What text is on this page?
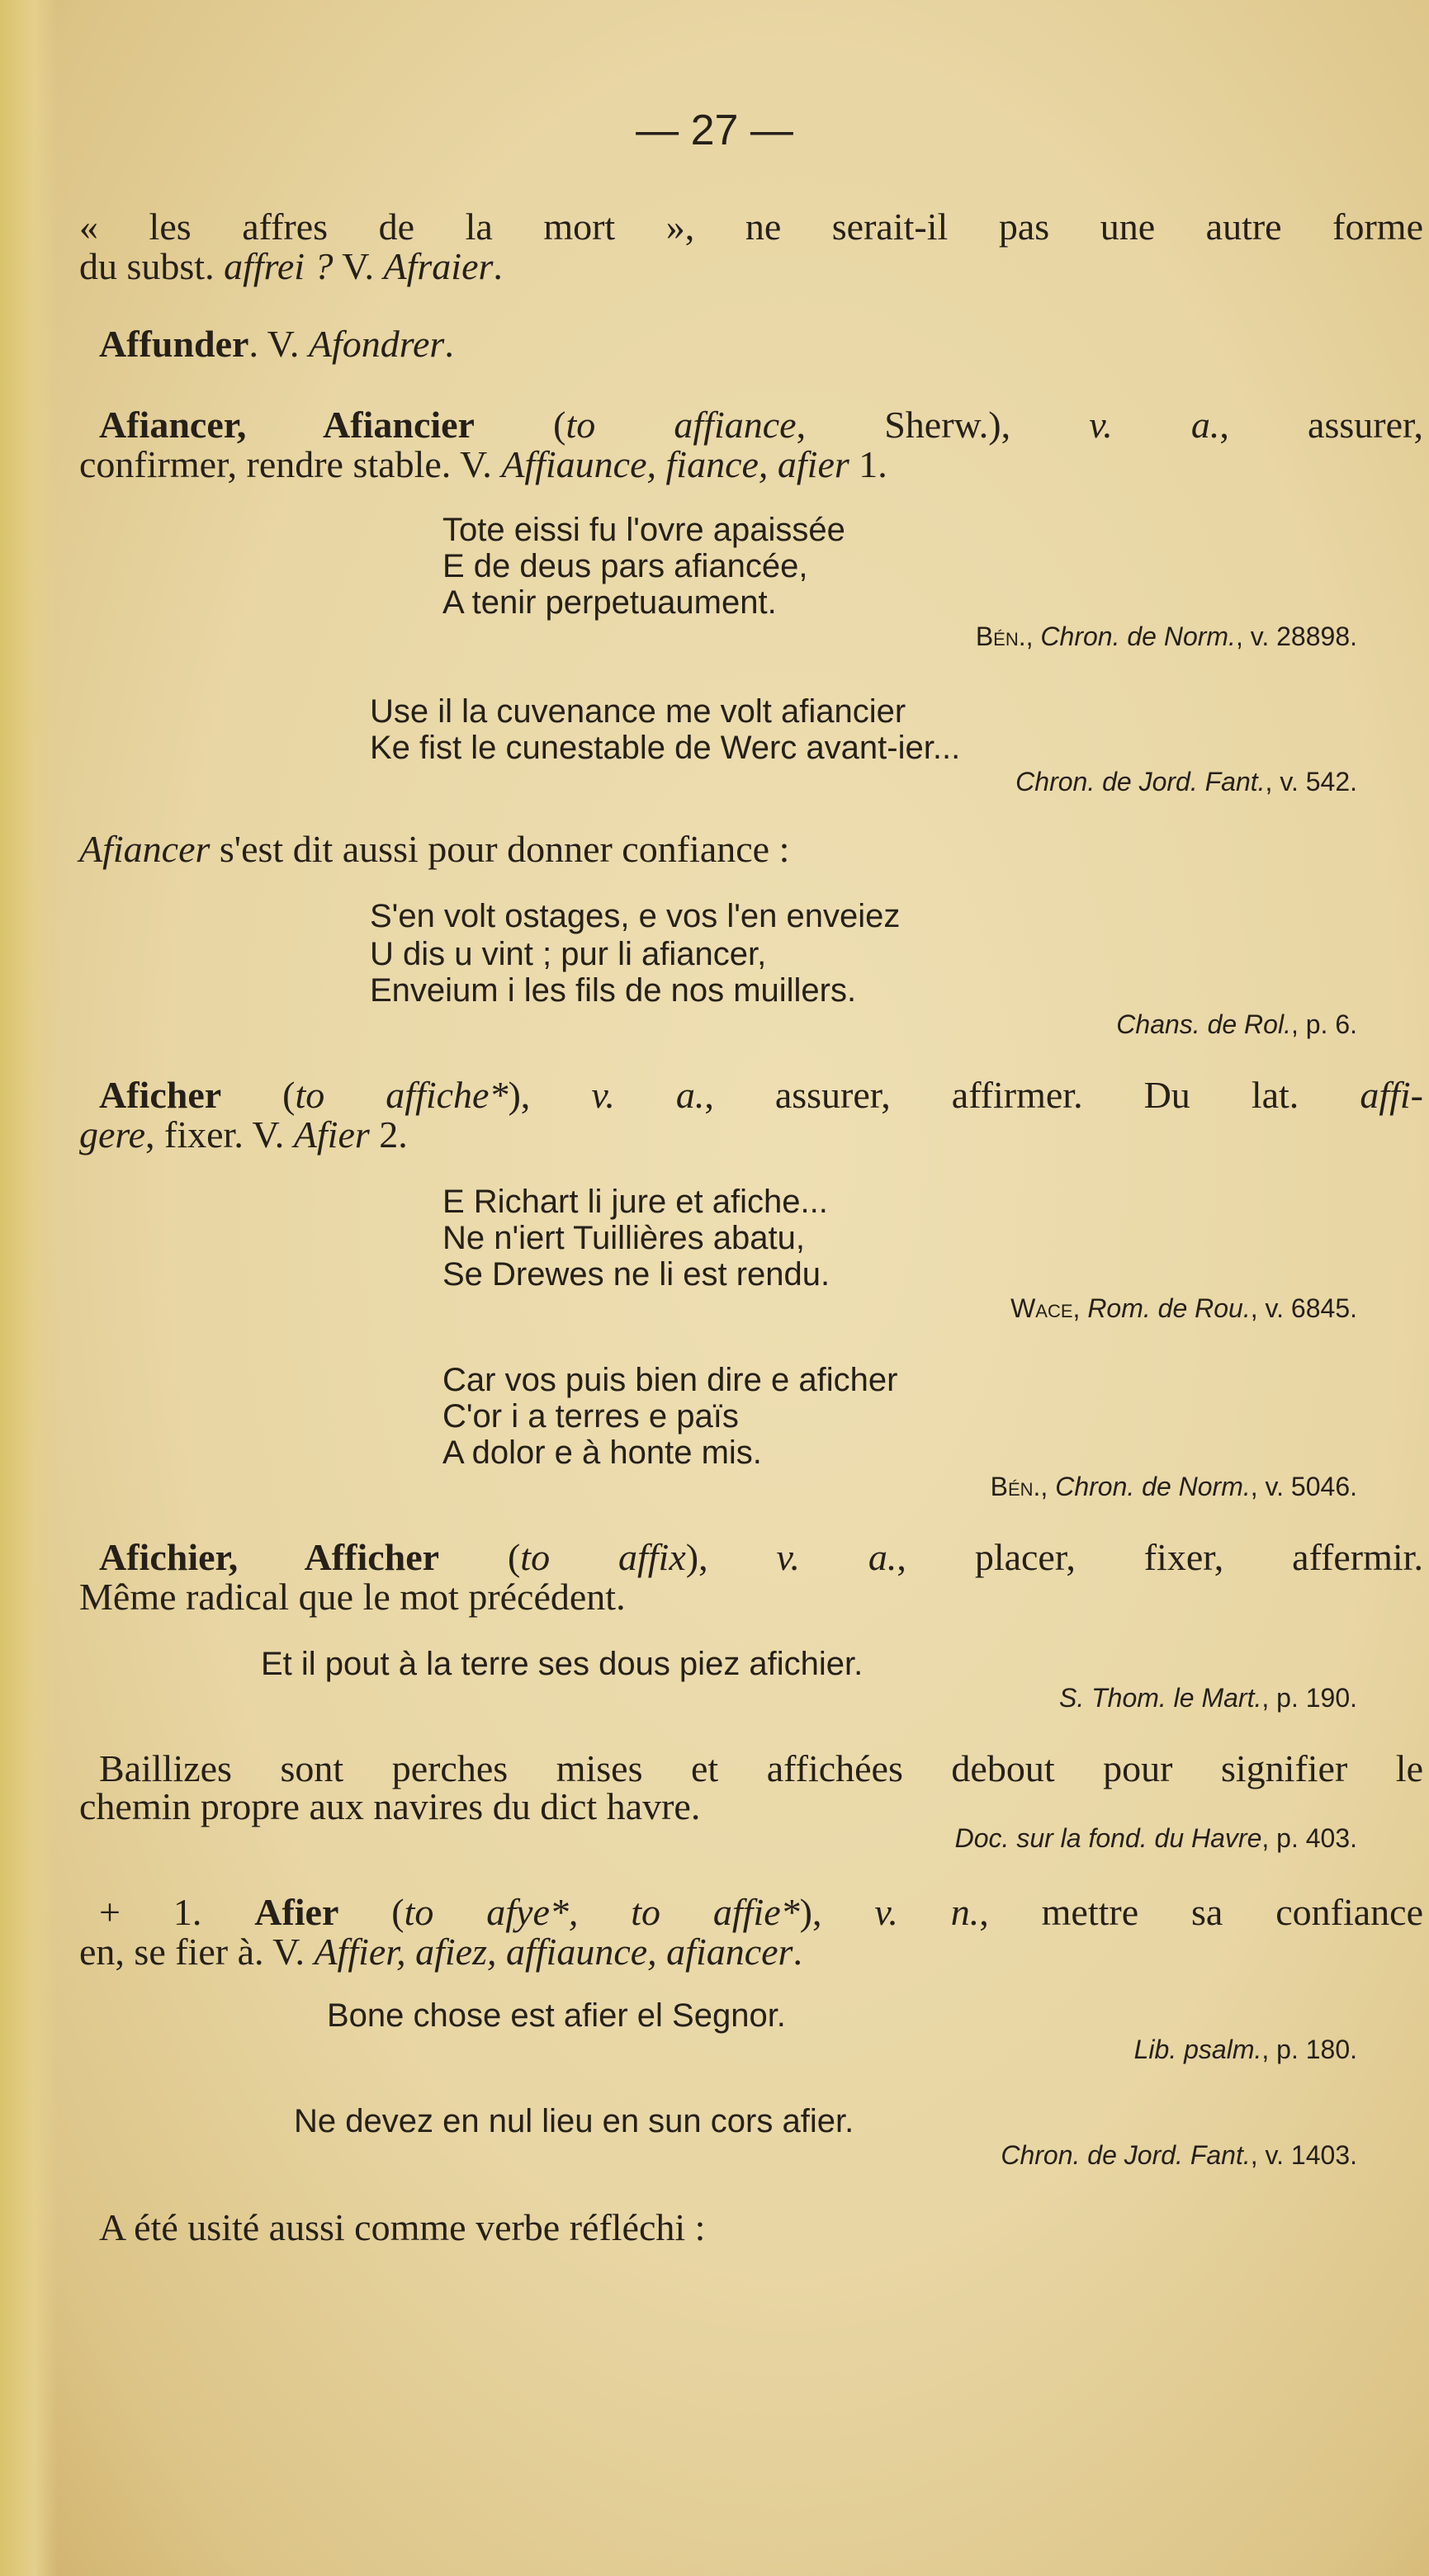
— 27 —
« les affres de la mort », ne serait-il pas une autre forme
du subst. affrei ? V. Afraier.
Affunder. V. Afondrer.
Afiancer, Afiancier (to affiance, Sherw.), v. a., assurer,
confirmer, rendre stable. V. Affiaunce, fiance, afier 1.
Tote eissi fu l'ovre apaissée
E de deus pars afiancée,
A tenir perpetuaument.
Bén., Chron. de Norm., v. 28898.
Use il la cuvenance me volt afiancier
Ke fist le cunestable de Werc avant-ier...
Chron. de Jord. Fant., v. 542.
Afiancer s'est dit aussi pour donner confiance :
S'en volt ostages, e vos l'en enveiez
U dis u vint ; pur li afiancer,
Enveium i les fils de nos muillers.
Chans. de Rol., p. 6.
Aficher (to affiche*), v. a., assurer, affirmer. Du lat. affi-
gere, fixer. V. Afier 2.
E Richart li jure et afiche...
Ne n'iert Tuillières abatu,
Se Drewes ne li est rendu.
Wace, Rom. de Rou., v. 6845.
Car vos puis bien dire e aficher
C'or i a terres e païs
A dolor e à honte mis.
Bén., Chron. de Norm., v. 5046.
Afichier, Afficher (to affix), v. a., placer, fixer, affermir.
Même radical que le mot précédent.
Et il pout à la terre ses dous piez afichier.
S. Thom. le Mart., p. 190.
Baillizes sont perches mises et affichées debout pour signifier le
chemin propre aux navires du dict havre.
Doc. sur la fond. du Havre, p. 403.
+ 1. Afier (to afye*, to affie*), v. n., mettre sa confiance
en, se fier à. V. Affier, afiez, affiaunce, afiancer.
Bone chose est afier el Segnor.
Lib. psalm., p. 180.
Ne devez en nul lieu en sun cors afier.
Chron. de Jord. Fant., v. 1403.
A été usité aussi comme verbe réfléchi :
